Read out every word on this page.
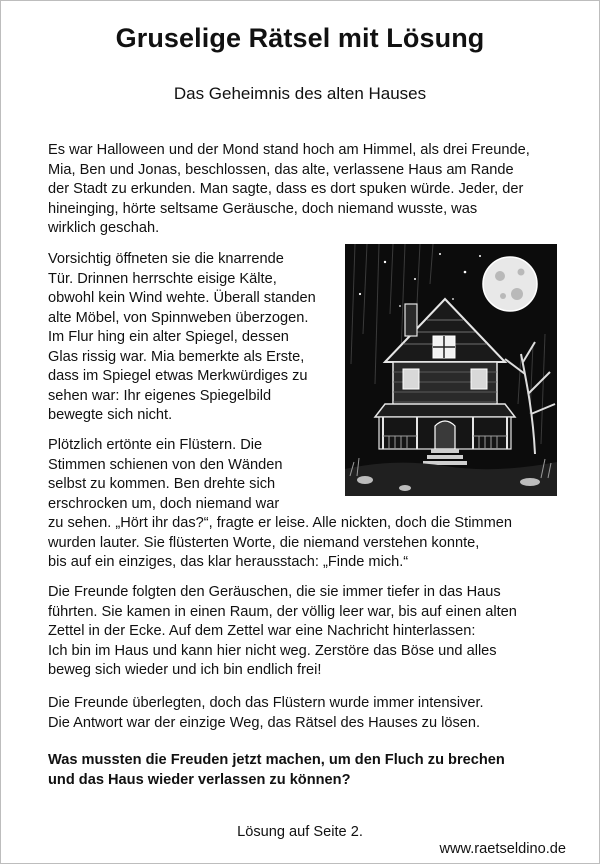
Gruselige Rätsel mit Lösung
Das Geheimnis des alten Hauses
Es war Halloween und der Mond stand hoch am Himmel, als drei Freunde,
Mia, Ben und Jonas, beschlossen, das alte, verlassene Haus am Rande
der Stadt zu erkunden. Man sagte, dass es dort spuken würde. Jeder, der
hineinging, hörte seltsame Geräusche, doch niemand wusste, was
wirklich geschah.
Vorsichtig öffneten sie die knarrende
Tür. Drinnen herrschte eisige Kälte,
obwohl kein Wind wehte. Überall standen
alte Möbel, von Spinnweben überzogen.
Im Flur hing ein alter Spiegel, dessen
Glas rissig war. Mia bemerkte als Erste,
dass im Spiegel etwas Merkwürdiges zu
sehen war: Ihr eigenes Spiegelbild
bewegte sich nicht.
Plötzlich ertönte ein Flüstern. Die
Stimmen schienen von den Wänden
selbst zu kommen. Ben drehte sich
erschrocken um, doch niemand war
zu sehen. „Hört ihr das?“, fragte er leise. Alle nickten, doch die Stimmen
wurden lauter. Sie flüsterten Worte, die niemand verstehen konnte,
bis auf ein einziges, das klar herausstach: „Finde mich.“
Die Freunde folgten den Geräuschen, die sie immer tiefer in das Haus
führten. Sie kamen in einen Raum, der völlig leer war, bis auf einen alten
Zettel in der Ecke. Auf dem Zettel war eine Nachricht hinterlassen:
Ich bin im Haus und kann hier nicht weg. Zerstöre das Böse und alles
beweg sich wieder und ich bin endlich frei!
Die Freunde überlegten, doch das Flüstern wurde immer intensiver.
Die Antwort war der einzige Weg, das Rätsel des Hauses zu lösen.
Was mussten die Freuden jetzt machen, um den Fluch zu brechen
und das Haus wieder verlassen zu können?
Lösung auf Seite 2.
www.raetseldino.de
